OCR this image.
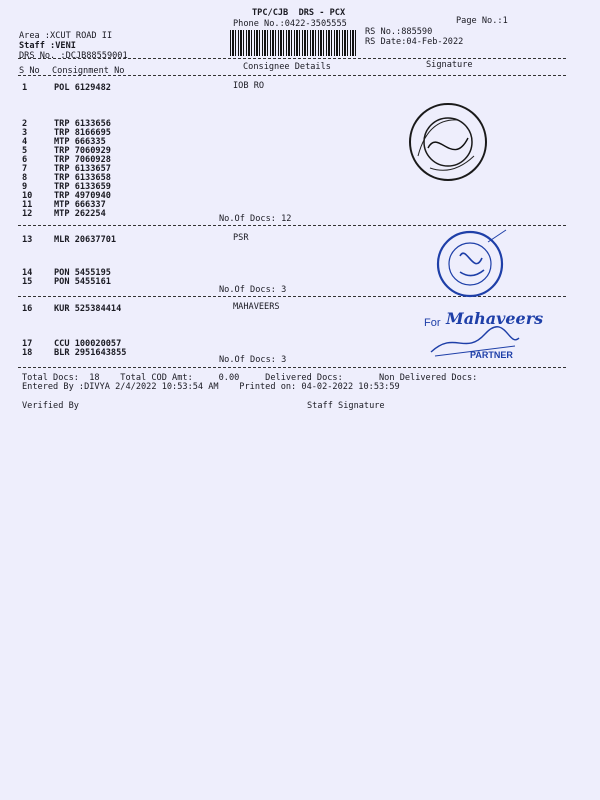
TPC/CJB  DRS - PCX
Phone No.:0422-3505555	Page No.:1
Area :XCUT ROAD II
Staff :VENI
DRS No. :DCJB88559001
RS No.:885590
RS Date:04-Feb-2022
S No Consignment No	Consignee Details	Signature
IOB RO
1	POL 6129482
2	TRP 6133656
3	TRP 8166695
4	MTP 666335
5	TRP 7060929
6	TRP 7060928
7	TRP 6133657
8	TRP 6133658
9	TRP 6133659
10	TRP 4970940
11	MTP 666337
12	MTP 262254	No.Of Docs: 12
PSR
13	MLR 20637701
14	PON 5455195
15	PON 5455161
No.Of Docs: 3
MAHAVEERS
16	KUR 525384414
17	CCU 100020057
18	BLR 2951643855
No.Of Docs: 3
Total Docs:  18    Total COD Amt:     0.00     Delivered Docs:       Non Delivered Docs:
Entered By :DIVYA 2/4/2022 10:53:54 AM    Printed on: 04-02-2022 10:53:59
Verified By	Staff Signature
For Mahaveers
PARTNER
